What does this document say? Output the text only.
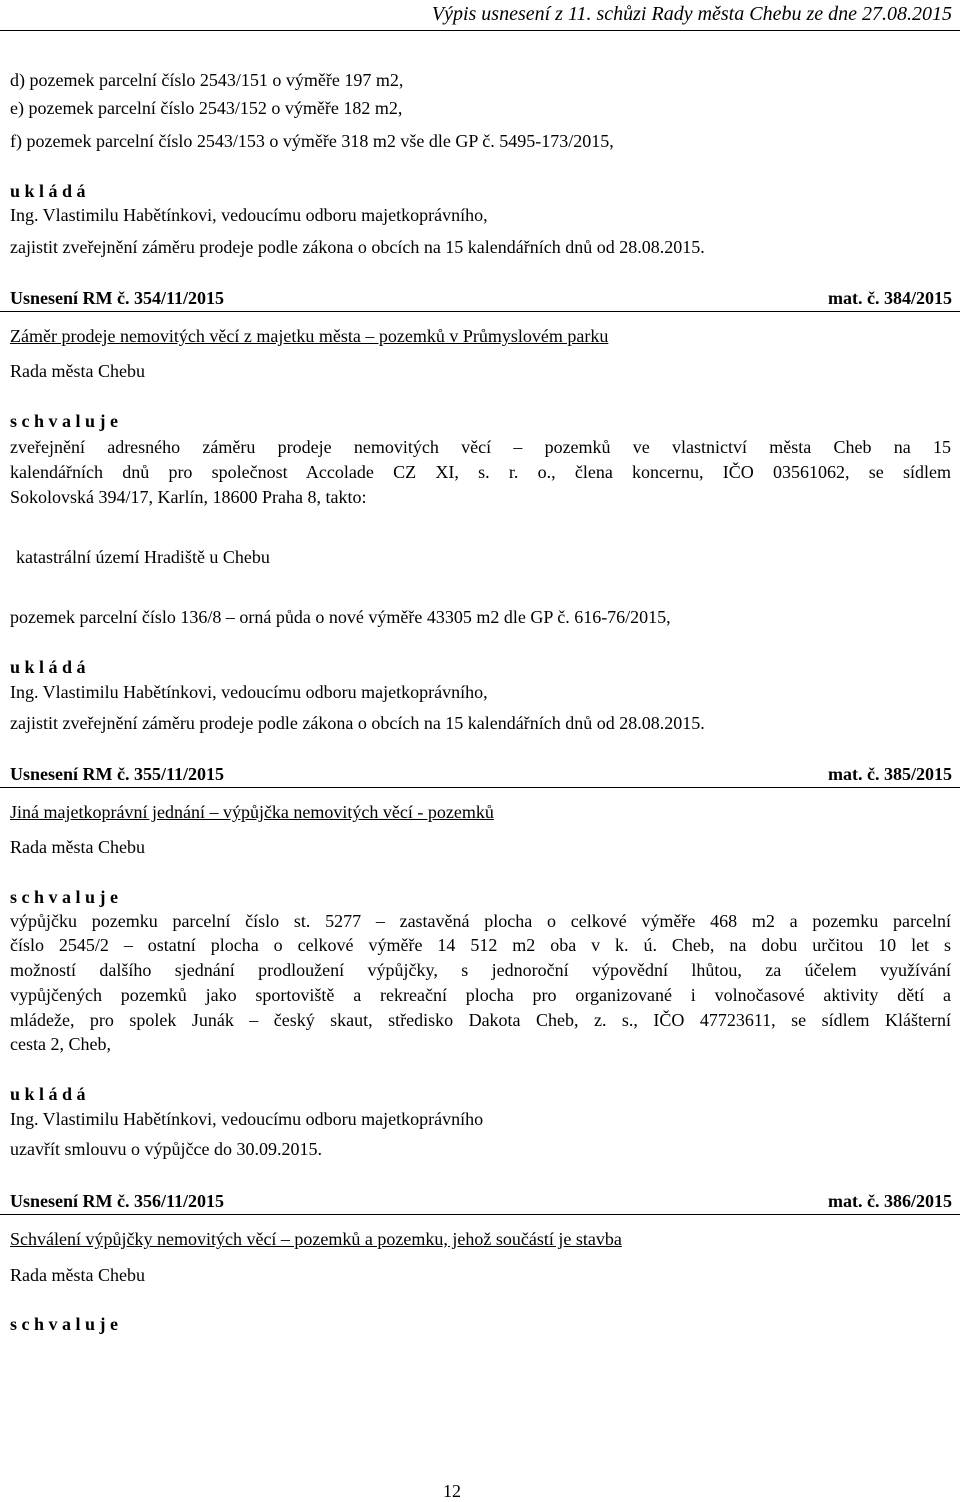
Výpis usnesení z 11. schůzi Rady města Chebu ze dne 27.08.2015
d) pozemek parcelní číslo 2543/151 o výměře 197 m2,
e) pozemek parcelní číslo 2543/152 o výměře 182 m2,
f) pozemek parcelní číslo 2543/153 o výměře 318 m2 vše dle GP č. 5495-173/2015,
u k l á d á
Ing. Vlastimilu Habětínkovi, vedoucímu odboru majetkoprávního,
zajistit zveřejnění záměru prodeje podle zákona o obcích na 15 kalendářních dnů od 28.08.2015.
Usnesení RM č. 354/11/2015	mat. č. 384/2015
Záměr prodeje nemovitých věcí z majetku města – pozemků v Průmyslovém parku
Rada města Chebu
s c h v a l u j e
zveřejnění adresného záměru prodeje nemovitých věcí – pozemků ve vlastnictví města Cheb na 15
kalendářních dnů pro společnost Accolade CZ XI, s. r. o., člena koncernu, IČO 03561062, se sídlem
Sokolovská 394/17, Karlín, 18600 Praha 8, takto:
katastrální území Hradiště u Chebu
pozemek parcelní číslo 136/8 – orná půda o nové výměře 43305 m2 dle GP č. 616-76/2015,
u k l á d á
Ing. Vlastimilu Habětínkovi, vedoucímu odboru majetkoprávního,
zajistit zveřejnění záměru prodeje podle zákona o obcích na 15 kalendářních dnů od 28.08.2015.
Usnesení RM č. 355/11/2015	mat. č. 385/2015
Jiná majetkoprávní jednání – výpůjčka nemovitých věcí - pozemků
Rada města Chebu
s c h v a l u j e
výpůjčku pozemku parcelní číslo st. 5277 – zastavěná plocha o celkové výměře 468 m2 a pozemku parcelní
číslo 2545/2 – ostatní plocha o celkové výměře 14 512 m2 oba v k. ú. Cheb, na dobu určitou 10 let s
možností dalšího sjednání prodloužení výpůjčky, s jednoroční výpovědní lhůtou, za účelem využívání
vypůjčených pozemků jako sportoviště a rekreační plocha pro organizované i volnočasové aktivity dětí a
mládeže, pro spolek Junák – český skaut, středisko Dakota Cheb, z. s., IČO 47723611, se sídlem Klášterní
cesta 2, Cheb,
u k l á d á
Ing. Vlastimilu Habětínkovi, vedoucímu odboru majetkoprávního
uzavřít smlouvu o výpůjčce do 30.09.2015.
Usnesení RM č. 356/11/2015	mat. č. 386/2015
Schválení výpůjčky nemovitých věcí – pozemků a pozemku, jehož součástí je stavba
Rada města Chebu
s c h v a l u j e
12
